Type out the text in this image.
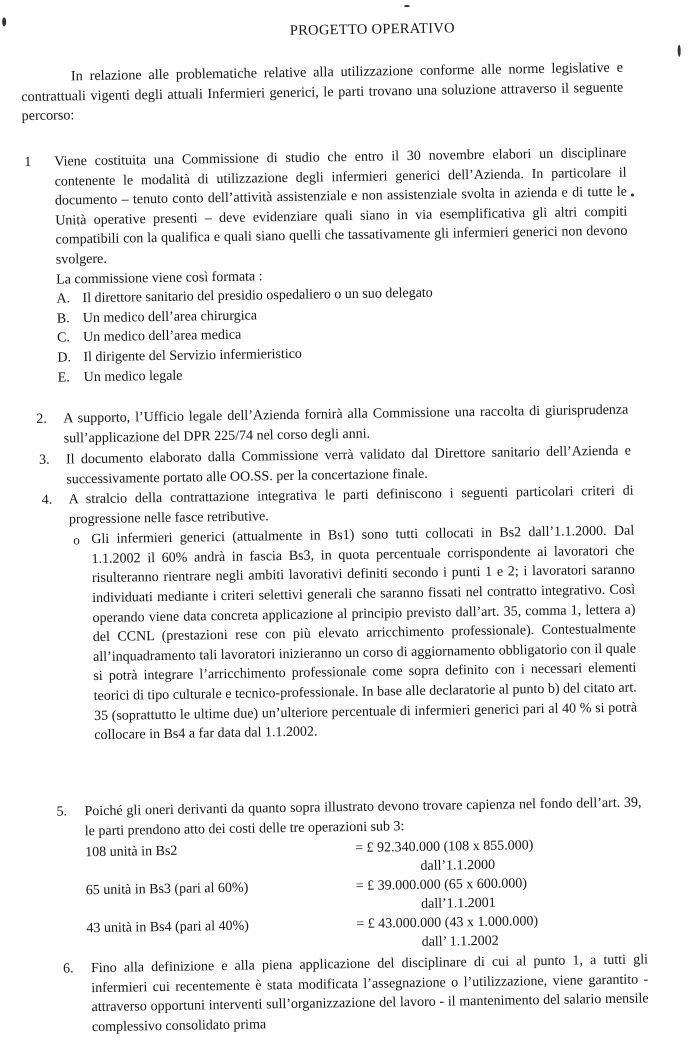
PROGETTO OPERATIVO
In relazione alle problematiche relative alla utilizzazione conforme alle norme legislative e contrattuali vigenti degli attuali Infermieri generici, le parti trovano una soluzione attraverso il seguente percorso:
1	Viene costituita una Commissione di studio che entro il 30 novembre elabori un disciplinare contenente le modalità di utilizzazione degli infermieri generici dell’Azienda. In particolare il documento – tenuto conto dell’attività assistenziale e non assistenziale svolta in azienda e di tutte le Unità operative presenti – deve evidenziare quali siano in via esemplificativa gli altri compiti compatibili con la qualifica e quali siano quelli che tassativamente gli infermieri generici non devono svolgere.
La commissione viene così formata :
A. Il direttore sanitario del presidio ospedaliero o un suo delegato
B. Un medico dell’area chirurgica
C. Un medico dell’area medica
D. Il dirigente del Servizio infermieristico
E. Un medico legale
2.	A supporto, l’Ufficio legale dell’Azienda fornirà alla Commissione una raccolta di giurisprudenza sull’applicazione del DPR 225/74 nel corso degli anni.
3.	Il documento elaborato dalla Commissione verrà validato dal Direttore sanitario dell’Azienda e successivamente portato alle OO.SS. per la concertazione finale.
4.	A stralcio della contrattazione integrativa le parti definiscono i seguenti particolari criteri di progressione nelle fasce retributive.
o Gli infermieri generici (attualmente in Bs1) sono tutti collocati in Bs2 dall’1.1.2000. Dal 1.1.2002 il 60% andrà in fascia Bs3, in quota percentuale corrispondente ai lavoratori che risulteranno rientrare negli ambiti lavorativi definiti secondo i punti 1 e 2; i lavoratori saranno individuati mediante i criteri selettivi generali che saranno fissati nel contratto integrativo. Così operando viene data concreta applicazione al principio previsto dall’art. 35, comma 1, lettera a) del CCNL (prestazioni rese con più elevato arricchimento professionale). Contestualmente all’inquadramento tali lavoratori inizieranno un corso di aggiornamento obbligatorio con il quale si potrà integrare l’arricchimento professionale come sopra definito con i necessari elementi teorici di tipo culturale e tecnico-professionale. In base alle declaratorie al punto b) del citato art. 35 (soprattutto le ultime due) un’ulteriore percentuale di infermieri generici pari al 40 % si potrà collocare in Bs4 a far data dal 1.1.2002.
5.	Poiché gli oneri derivanti da quanto sopra illustrato devono trovare capienza nel fondo dell’art. 39, le parti prendono atto dei costi delle tre operazioni sub 3:
108 unità in Bs2	= £ 92.340.000 (108 x 855.000)
dall’1.1.2000
65 unità in Bs3 (pari al 60%)	= £ 39.000.000 (65 x 600.000)
dall’1.1.2001
43 unità in Bs4 (pari al 40%)	= £ 43.000.000 (43 x 1.000.000)
dall’ 1.1.2002
6.	Fino alla definizione e alla piena applicazione del disciplinare di cui al punto 1, a tutti gli infermieri cui recentemente è stata modificata l’assegnazione o l’utilizzazione, viene garantito - attraverso opportuni interventi sull’organizzazione del lavoro - il mantenimento del salario mensile complessivo consolidato prima
